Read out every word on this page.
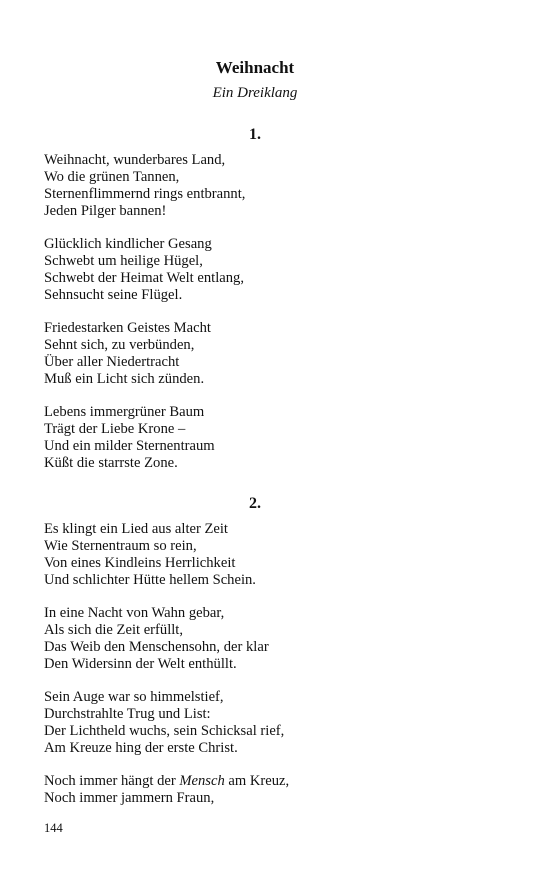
Weihnacht
Ein Dreiklang
1.

Weihnacht, wunderbares Land,
Wo die grünen Tannen,
Sternenflimmernd rings entbrannt,
Jeden Pilger bannen!

Glücklich kindlicher Gesang
Schwebt um heilige Hügel,
Schwebt der Heimat Welt entlang,
Sehnsucht seine Flügel.

Friedestarken Geistes Macht
Sehnt sich, zu verbünden,
Über aller Niedertracht
Muß ein Licht sich zünden.

Lebens immergrüner Baum
Trägt der Liebe Krone –
Und ein milder Sternentraum
Küßt die starrste Zone.

2.

Es klingt ein Lied aus alter Zeit
Wie Sternentraum so rein,
Von eines Kindleins Herrlichkeit
Und schlichter Hütte hellem Schein.

In eine Nacht von Wahn gebar,
Als sich die Zeit erfüllt,
Das Weib den Menschensohn, der klar
Den Widersinn der Welt enthüllt.

Sein Auge war so himmelstief,
Durchstrahlte Trug und List:
Der Lichtheld wuchs, sein Schicksal rief,
Am Kreuze hing der erste Christ.

Noch immer hängt der Mensch am Kreuz,
Noch immer jammern Fraun,

144
